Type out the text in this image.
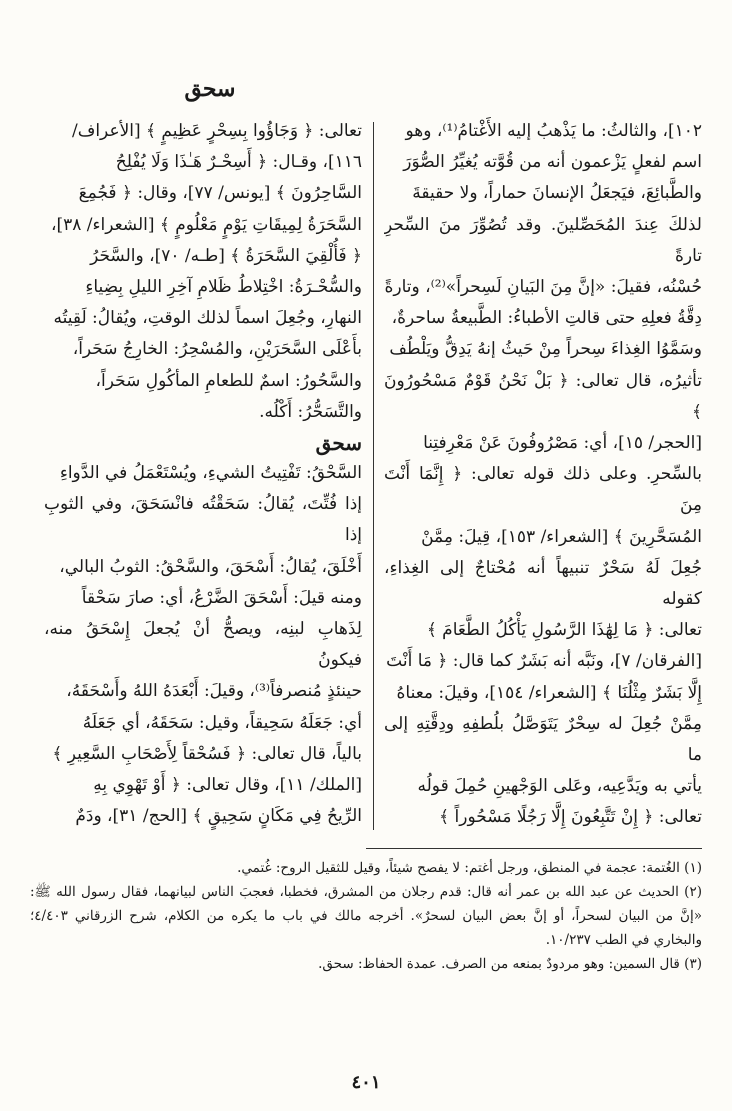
سحق

١٠٢]، والثالثُ: ما يَذْهبُ إليه الأَغْتامُ⁽¹⁾، وهو

اسم لفعلٍ يَزْعمون أنه من قُوَّته يُغيِّرُ الصُّوَرَ

والطَّبائِعَ، فيَجعَلُ الإنسانَ حماراً، ولا حقيقةَ

لذلكَ عِندَ المُحَصِّلينَ. وقد تُصُوِّرَ منَ السِّحرِ تارةً

حُسْنُه، فقيلَ: «إنَّ مِنَ البَيانِ لَسِحراً»⁽²⁾، وتارةً

دِقَّةُ فعلِهِ حتى قالتِ الأطباءُ: الطَّبيعةُ ساحرةٌ،

وسَمَّوُا الغِذاءَ سِحراً مِنْ حَيثُ إنهُ يَدِقُّ ويَلْطُف

تأثيرُه، قال تعالى: ﴿ بَلْ نَحْنُ قَوْمٌ مَسْحُورُونَ ﴾

[الحجر/ ١٥]، أي: مَصْرُوفُونَ عَنْ مَعْرِفتِنا

بالسِّحرِ. وعلى ذلك قوله تعالى: ﴿ إِنَّمَا أَنْتَ مِنَ

المُسَحَّرِينَ ﴾ [الشعراء/ ١٥٣]، قِيلَ: مِمَّنْ

جُعِلَ لَهُ سَحْرٌ تنبيهاً أنه مُحْتاجٌ إلى الغِذاءِ، كقوله

تعالى: ﴿ مَا لِهَٰذَا الرَّسُولِ يَأْكُلُ الطَّعَامَ ﴾

[الفرقان/ ٧]، ونَبَّه أنه بَشَرٌ كما قال: ﴿ مَا أَنْتَ

إِلَّا بَشَرٌ مِثْلُنَا ﴾ [الشعراء/ ١٥٤]، وقيلَ: معناهُ

مِمَّنْ جُعِلَ له سِحْرٌ يَتَوَصَّلُ بلُطفِهِ ودِقَّتِهِ إلى ما

يأتي به ويَدَّعِيه، وعَلى الوَجْهينِ حُمِلَ قولُه

تعالى: ﴿ إِنْ تَتَّبِعُونَ إِلَّا رَجُلًا مَسْحُوراً ﴾

تعالى: ﴿ وَجَاؤُوا بِسِحْرٍ عَظِيمٍ ﴾ [الأعراف/

١١٦]، وقـال: ﴿ أَسِحْـرٌ هَـٰذَا وَلَا يُفْلِحُ

السَّاحِرُونَ ﴾ [يونس/ ٧٧]، وقال: ﴿ فَجُمِعَ

السَّحَرَةُ لِمِيقَاتِ يَوْمٍ مَعْلُومٍ ﴾ [الشعراء/ ٣٨]،

﴿ فَأُلْقِيَ السَّحَرَةُ ﴾ [طـه/ ٧٠]، والسَّحَرُ

والسُّحْـرَةُ: اخْتِلاطُ ظَلامِ آخِرِ الليلِ بِضِياءِ

النهارِ، وجُعِلَ اسماً لذلك الوقتِ، ويُقالُ: لَقِيتُه

بأَعْلَى السَّحَرَيْنِ، والمُسْحِرُ: الخارِجُ سَحَراً،

والسَّحُورُ: اسمٌ للطعامِ المأكُولِ سَحَراً،

والتَّسَحُّرُ: أَكْلُه.

سحق

السَّحْقُ: تَفْتِيتُ الشيءِ، ويُسْتَعْمَلُ في الدَّواءِ

إذا فُتِّتَ، يُقالُ: سَحَقْتُه فانْسَحَقَ، وفي الثوبِ إذا

أَخْلَقَ، يُقالُ: أَسْحَقَ، والسَّحْقُ: الثوبُ البالي،

ومنه قيلَ: أَسْحَقَ الضَّرْعُ، أي: صارَ سَحْقاً

لِذَهابِ لبنِه، ويصحُّ أنْ يُجعلَ إِسْحَقُ منه، فيكونُ

حينئذٍ مُنصرفاً⁽³⁾، وقيلَ: أَبْعَدَهُ اللهُ وأَسْحَقَهُ،

أي: جَعَلَهُ سَحِيقاً، وقيل: سَحَقَهُ، أي جَعَلَهُ

بالياً، قال تعالى: ﴿ فَسُحْقاً لِأَصْحَابِ السَّعِيرِ ﴾

[الملك/ ١١]، وقال تعالى: ﴿ أَوْ تَهْوِي بِهِ

الرِّيحُ فِي مَكَانٍ سَحِيقٍ ﴾ [الحج/ ٣١]، ودَمٌ

(١) الغُتمة: عجمة في المنطق، ورجل أغتم: لا يفصح شيئاً، وقيل للثقيل الروح: غُتمي.

(٢) الحديث عن عبد الله بن عمر أنه قال: قدم رجلان من المشرق، فخطبا، فعجبَ الناس لبيانهما، فقال رسول الله ﷺ: «إنَّ من البيان لسحراً، أو إنَّ بعض البيان لسحرٌ». أخرجه مالك في باب ما يكره من الكلام، شرح الزرقاني ٤/٤٠٣؛ والبخاري في الطب ١٠/٢٣٧.

(٣) قال السمين: وهو مردودٌ بمنعه من الصرف. عمدة الحفاظ: سحق.

٤٠١
